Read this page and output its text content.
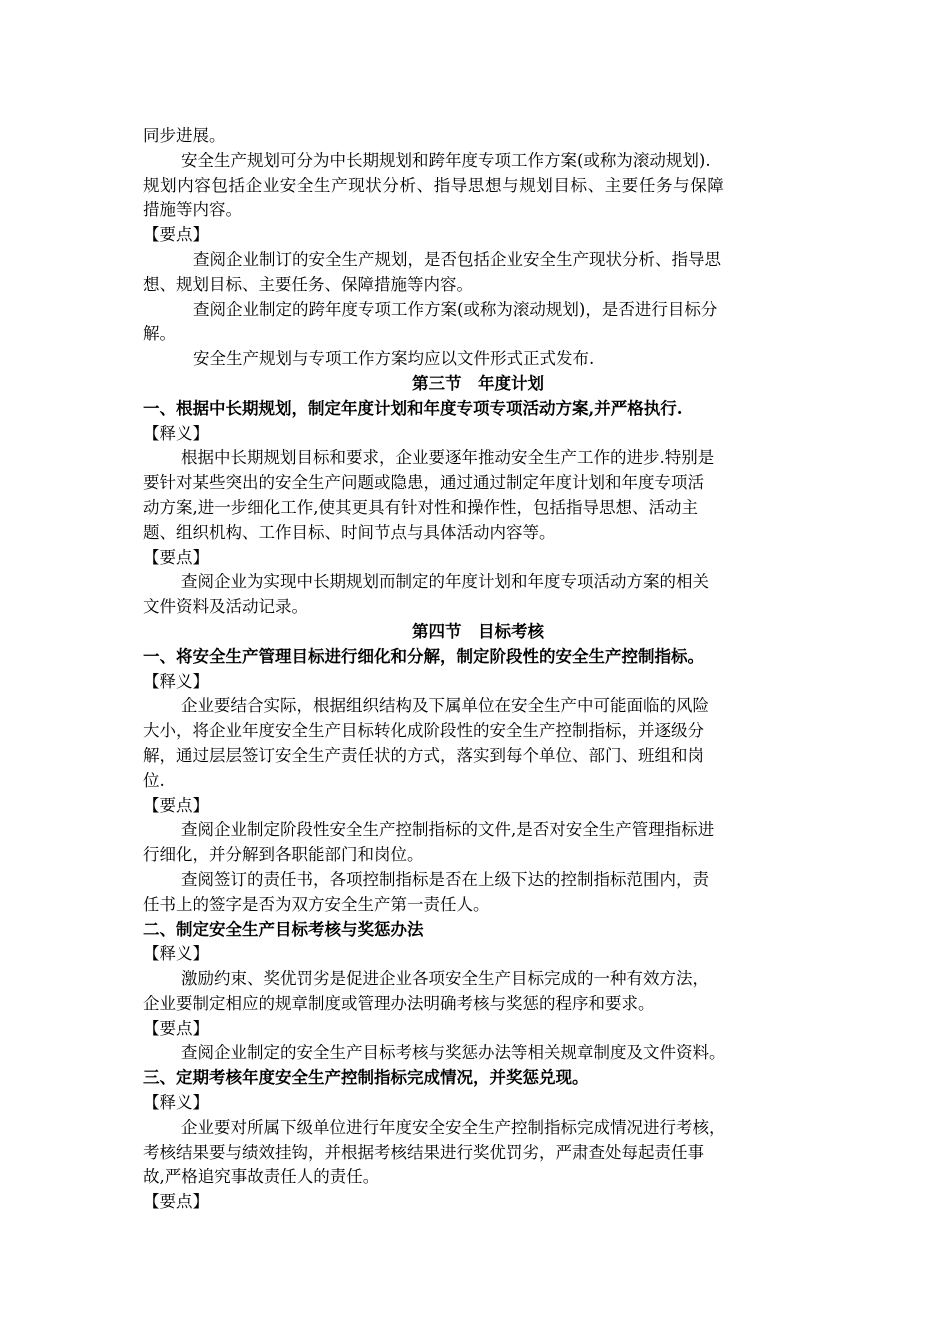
同步进展。
安全生产规划可分为中长期规划和跨年度专项工作方案(或称为滚动规划).
规划内容包括企业安全生产现状分析、指导思想与规划目标、主要任务与保障
措施等内容。
【要点】
查阅企业制订的安全生产规划，是否包括企业安全生产现状分析、指导思
想、规划目标、主要任务、保障措施等内容。
查阅企业制定的跨年度专项工作方案(或称为滚动规划)，是否进行目标分
解。
安全生产规划与专项工作方案均应以文件形式正式发布.
第三节　年度计划
一、根据中长期规划，制定年度计划和年度专项专项活动方案,并严格执行.
【释义】
根据中长期规划目标和要求，企业要逐年推动安全生产工作的进步.特别是
要针对某些突出的安全生产问题或隐患，通过通过制定年度计划和年度专项活
动方案,进一步细化工作,使其更具有针对性和操作性，包括指导思想、活动主
题、组织机构、工作目标、时间节点与具体活动内容等。
【要点】
查阅企业为实现中长期规划而制定的年度计划和年度专项活动方案的相关
文件资料及活动记录。
第四节　目标考核
一、将安全生产管理目标进行细化和分解，制定阶段性的安全生产控制指标。
【释义】
企业要结合实际，根据组织结构及下属单位在安全生产中可能面临的风险
大小，将企业年度安全生产目标转化成阶段性的安全生产控制指标，并逐级分
解，通过层层签订安全生产责任状的方式，落实到每个单位、部门、班组和岗
位.
【要点】
查阅企业制定阶段性安全生产控制指标的文件,是否对安全生产管理指标进
行细化，并分解到各职能部门和岗位。
查阅签订的责任书，各项控制指标是否在上级下达的控制指标范围内，责
任书上的签字是否为双方安全生产第一责任人。
二、制定安全生产目标考核与奖惩办法
【释义】
激励约束、奖优罚劣是促进企业各项安全生产目标完成的一种有效方法，
企业要制定相应的规章制度或管理办法明确考核与奖惩的程序和要求。
【要点】
查阅企业制定的安全生产目标考核与奖惩办法等相关规章制度及文件资料。
三、定期考核年度安全生产控制指标完成情况，并奖惩兑现。
【释义】
企业要对所属下级单位进行年度安全安全生产控制指标完成情况进行考核，
考核结果要与绩效挂钩，并根据考核结果进行奖优罚劣，严肃查处每起责任事
故,严格追究事故责任人的责任。
【要点】
